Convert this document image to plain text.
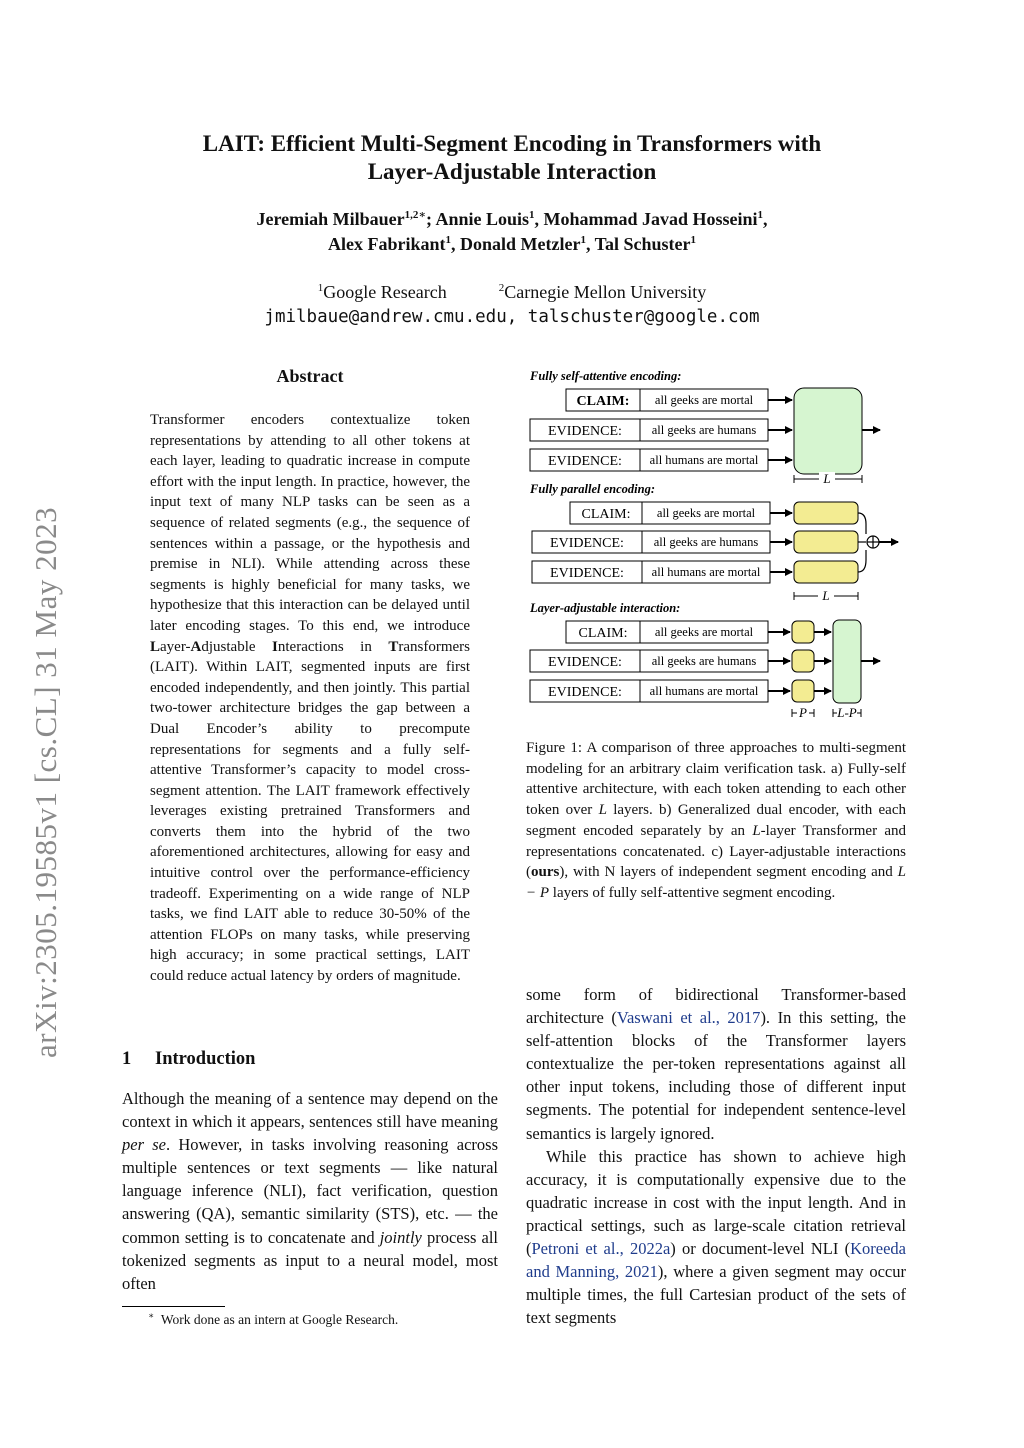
LAIT: Efficient Multi-Segment Encoding in Transformers with
Layer-Adjustable Interaction
Jeremiah Milbauer$^{1,2∗}$; Annie Louis$^1$, Mohammad Javad Hosseini$^1$,
Alex Fabrikant$^1$, Donald Metzler$^1$, Tal Schuster$^1$
$^1$Google Research	$^2$Carnegie Mellon University
jmilbaue@andrew.cmu.edu, talschuster@google.com
arXiv:2305.19585v1 [cs.CL] 31 May 2023
Abstract
Transformer encoders contextualize token representations by attending to all other tokens at each layer, leading to quadratic increase in compute effort with the input length. In practice, however, the input text of many NLP tasks can be seen as a sequence of related segments (e.g., the sequence of sentences within a passage, or the hypothesis and premise in NLI). While attending across these segments is highly beneficial for many tasks, we hypothesize that this interaction can be delayed until later encoding stages. To this end, we introduce Layer-Adjustable Interactions in Transformers (LAIT). Within LAIT, segmented inputs are first encoded independently, and then jointly. This partial two-tower architecture bridges the gap between a Dual Encoder’s ability to precompute representations for segments and a fully self-attentive Transformer’s capacity to model cross-segment attention. The LAIT framework effectively leverages existing pretrained Transformers and converts them into the hybrid of the two aforementioned architectures, allowing for easy and intuitive control over the performance-efficiency tradeoff. Experimenting on a wide range of NLP tasks, we find LAIT able to reduce 30-50% of the attention FLOPs on many tasks, while preserving high accuracy; in some practical settings, LAIT could reduce actual latency by orders of magnitude.
1 Introduction
Although the meaning of a sentence may depend on the context in which it appears, sentences still have meaning per se. However, in tasks involving reasoning across multiple sentences or text segments — like natural language inference (NLI), fact verification, question answering (QA), semantic similarity (STS), etc. — the common setting is to concatenate and jointly process all tokenized segments as input to a neural model, most often
∗ Work done as an intern at Google Research.
Fully self-attentive encoding:
CLAIM: all geeks are mortal
EVIDENCE: all geeks are humans
EVIDENCE: all humans are mortal
L
Fully parallel encoding:
CLAIM: all geeks are mortal
EVIDENCE: all geeks are humans
EVIDENCE: all humans are mortal
L
Layer-adjustable interaction:
CLAIM: all geeks are mortal
EVIDENCE: all geeks are humans
EVIDENCE: all humans are mortal
P L-P
Figure 1: A comparison of three approaches to multi-segment modeling for an arbitrary claim verification task. a) Fully-self attentive architecture, with each token attending to each other token over L layers. b) Generalized dual encoder, with each segment encoded separately by an L-layer Transformer and representations concatenated. c) Layer-adjustable interactions (ours), with N layers of independent segment encoding and L − P layers of fully self-attentive segment encoding.

some form of bidirectional Transformer-based architecture (Vaswani et al., 2017). In this setting, the self-attention blocks of the Transformer layers contextualize the per-token representations against all other input tokens, including those of different input segments. The potential for independent sentence-level semantics is largely ignored.

While this practice has shown to achieve high accuracy, it is computationally expensive due to the quadratic increase in cost with the input length. And in practical settings, such as large-scale citation retrieval (Petroni et al., 2022a) or document-level NLI (Koreeda and Manning, 2021), where a given segment may occur multiple times, the full Cartesian product of the sets of text segments
